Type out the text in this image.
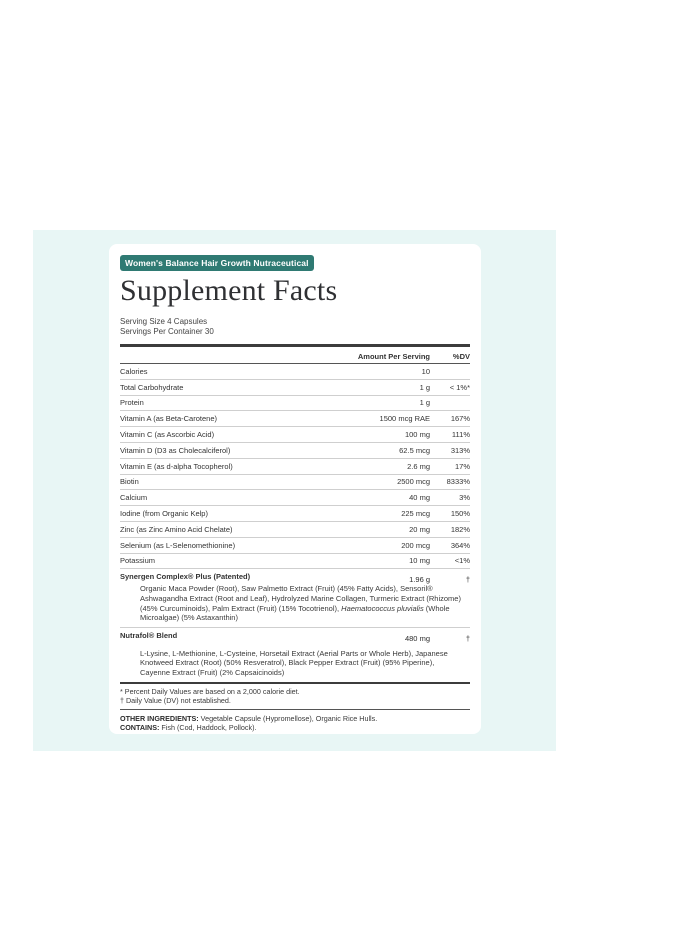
Women's Balance Hair Growth Nutraceutical
Supplement Facts
Serving Size 4 Capsules
Servings Per Container 30
Amount Per Serving	%DV
Calories	10
Total Carbohydrate	1 g	< 1%*
Protein	1 g
Vitamin A (as Beta-Carotene)	1500 mcg RAE	167%
Vitamin C (as Ascorbic Acid)	100 mg	111%
Vitamin D (D3 as Cholecalciferol)	62.5 mcg	313%
Vitamin E (as d-alpha Tocopherol)	2.6 mg	17%
Biotin	2500 mcg	8333%
Calcium	40 mg	3%
Iodine (from Organic Kelp)	225 mcg	150%
Zinc (as Zinc Amino Acid Chelate)	20 mg	182%
Selenium (as L-Selenomethionine)	200 mcg	364%
Potassium	10 mg	<1%
Synergen Complex® Plus (Patented)	1.96 g	†
Organic Maca Powder (Root), Saw Palmetto Extract (Fruit) (45% Fatty Acids), Sensoril® Ashwagandha Extract (Root and Leaf), Hydrolyzed Marine Collagen, Turmeric Extract (Rhizome) (45% Curcuminoids), Palm Extract (Fruit) (15% Tocotrienol), Haematococcus pluvialis (Whole Microalgae) (5% Astaxanthin)
Nutrafol® Blend	480 mg	†
L-Lysine, L-Methionine, L-Cysteine, Horsetail Extract (Aerial Parts or Whole Herb), Japanese Knotweed Extract (Root) (50% Resveratrol), Black Pepper Extract (Fruit) (95% Piperine), Cayenne Extract (Fruit) (2% Capsaicinoids)
* Percent Daily Values are based on a 2,000 calorie diet.
† Daily Value (DV) not established.
OTHER INGREDIENTS: Vegetable Capsule (Hypromellose), Organic Rice Hulls.
CONTAINS: Fish (Cod, Haddock, Pollock).
